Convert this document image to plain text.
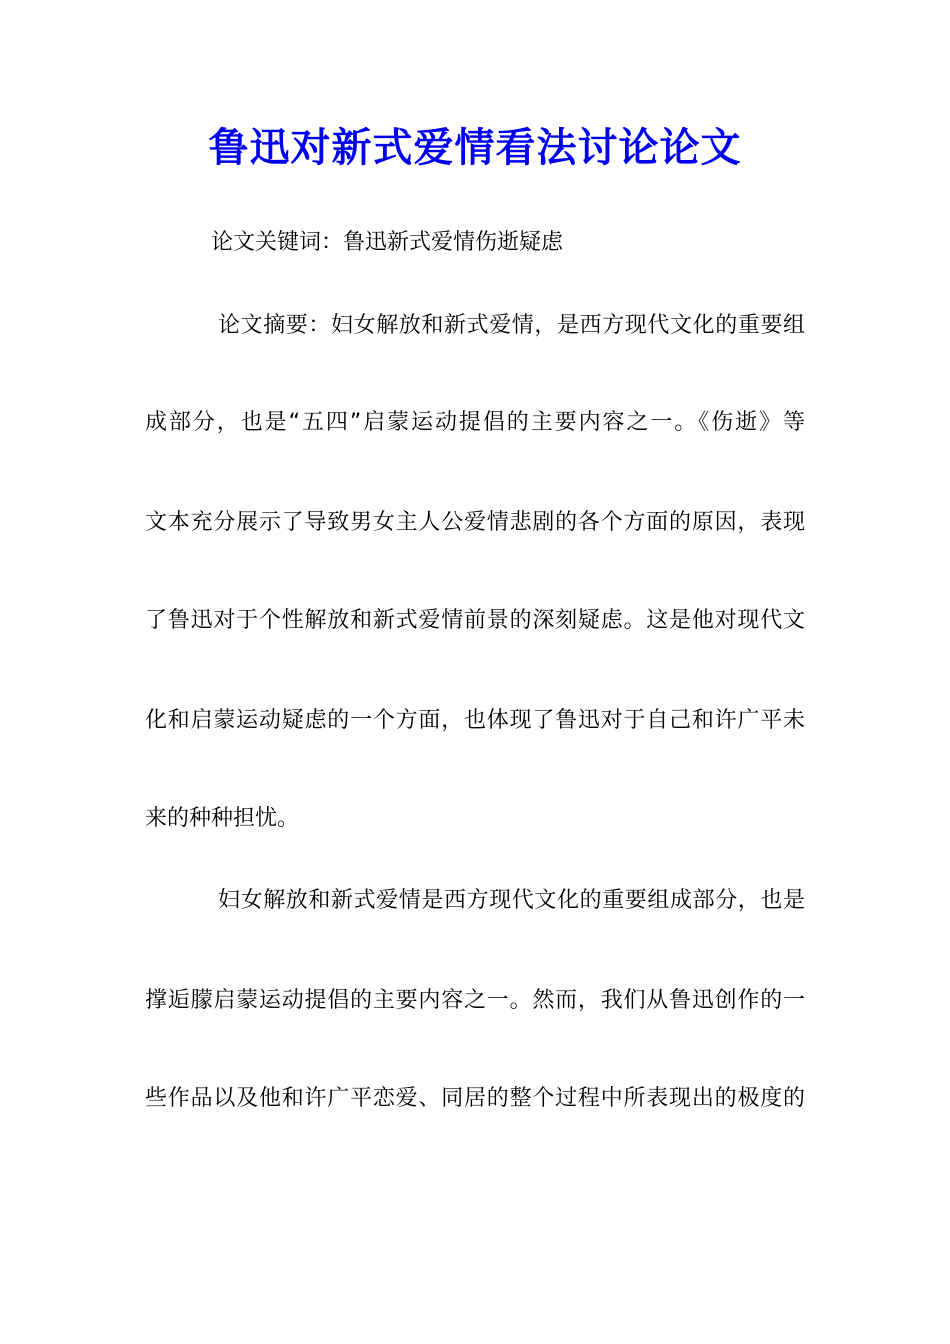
鲁迅对新式爱情看法讨论论文

论文关键词：鲁迅新式爱情伤逝疑虑

论文摘要：妇女解放和新式爱情，是西方现代文化的重要组

成部分，也是“五四”启蒙运动提倡的主要内容之一。《伤逝》等

文本充分展示了导致男女主人公爱情悲剧的各个方面的原因，表现

了鲁迅对于个性解放和新式爱情前景的深刻疑虑。这是他对现代文

化和启蒙运动疑虑的一个方面，也体现了鲁迅对于自己和许广平未

来的种种担忧。

妇女解放和新式爱情是西方现代文化的重要组成部分，也是

撑逅朦启蒙运动提倡的主要内容之一。然而，我们从鲁迅创作的一

些作品以及他和许广平恋爱、同居的整个过程中所表现出的极度的
